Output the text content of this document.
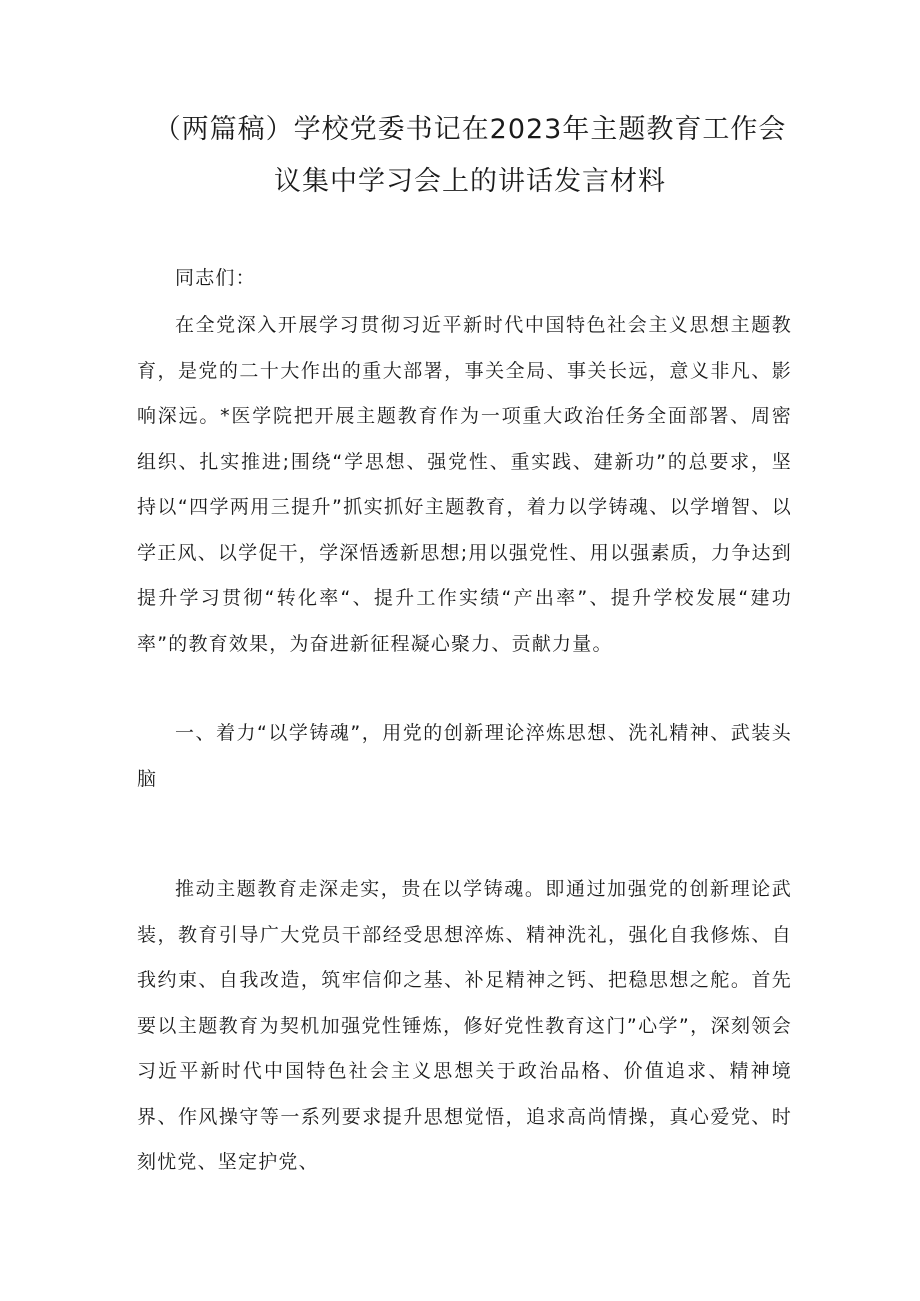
（两篇稿）学校党委书记在2023年主题教育工作会议集中学习会上的讲话发言材料
同志们：
在全党深入开展学习贯彻习近平新时代中国特色社会主义思想主题教育，是党的二十大作出的重大部署，事关全局、事关长远，意义非凡、影响深远。*医学院把开展主题教育作为一项重大政治任务全面部署、周密组织、扎实推进;围绕“学思想、强党性、重实践、建新功”的总要求，坚持以“四学两用三提升”抓实抓好主题教育，着力以学铸魂、以学增智、以学正风、以学促干，学深悟透新思想;用以强党性、用以强素质，力争达到提升学习贯彻“转化率“、提升工作实绩“产出率”、提升学校发展“建功率”的教育效果，为奋进新征程凝心聚力、贡献力量。
一、着力“以学铸魂”，用党的创新理论淬炼思想、洗礼精神、武装头脑
推动主题教育走深走实，贵在以学铸魂。即通过加强党的创新理论武装，教育引导广大党员干部经受思想淬炼、精神洗礼，强化自我修炼、自我约束、自我改造，筑牢信仰之基、补足精神之钙、把稳思想之舵。首先要以主题教育为契机加强党性锤炼，修好党性教育这门”心学”，深刻领会习近平新时代中国特色社会主义思想关于政治品格、价值追求、精神境界、作风操守等一系列要求提升思想觉悟，追求高尚情操，真心爱党、时刻忧党、坚定护党、
